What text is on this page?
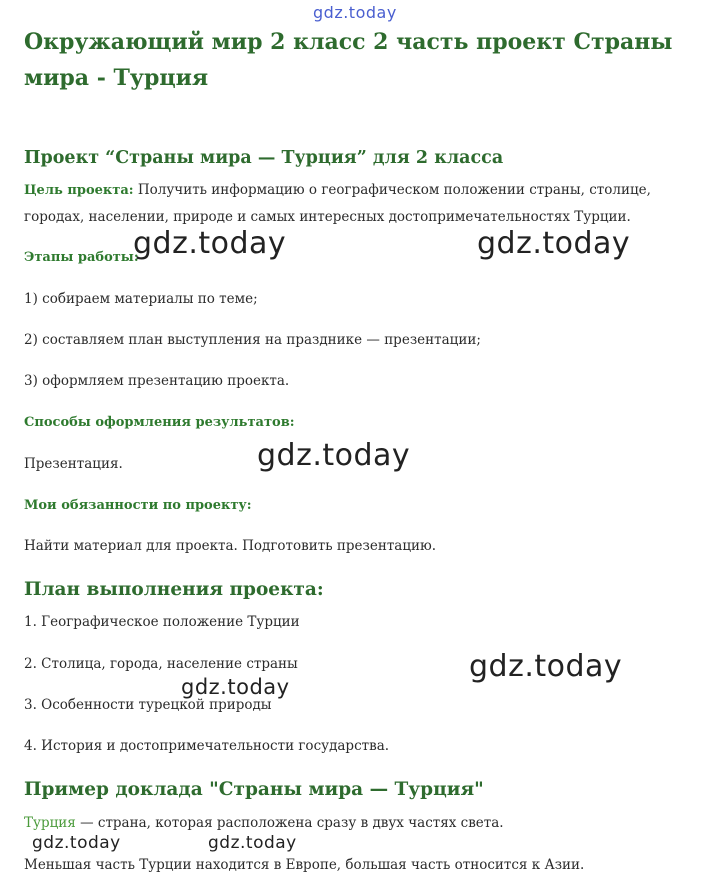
gdz.today
Окружающий мир 2 класс 2 часть проект Страны мира - Турция
Проект “Страны мира — Турция” для 2 класса

Цель проекта: Получить информацию о географическом положении страны, столице, городах, населении, природе и самых интересных достопримечательностях Турции.

Этапы работы:

1) собираем материалы по теме;

2) составляем план выступления на празднике — презентации;

3) оформляем презентацию проекта.

Способы оформления результатов:

Презентация.

Мои обязанности по проекту:

Найти материал для проекта. Подготовить презентацию.

План выполнения проекта:

1. Географическое положение Турции

2. Столица, города, население страны

3. Особенности турецкой природы

4. История и достопримечательности государства.

Пример доклада "Страны мира — Турция"

Турция — страна, которая расположена сразу в двух частях света.

Меньшая часть Турции находится в Европе, большая часть относится к Азии.

gdz.today	gdz.today
gdz.today
gdz.today
gdz.today
gdz.today	gdz.today
